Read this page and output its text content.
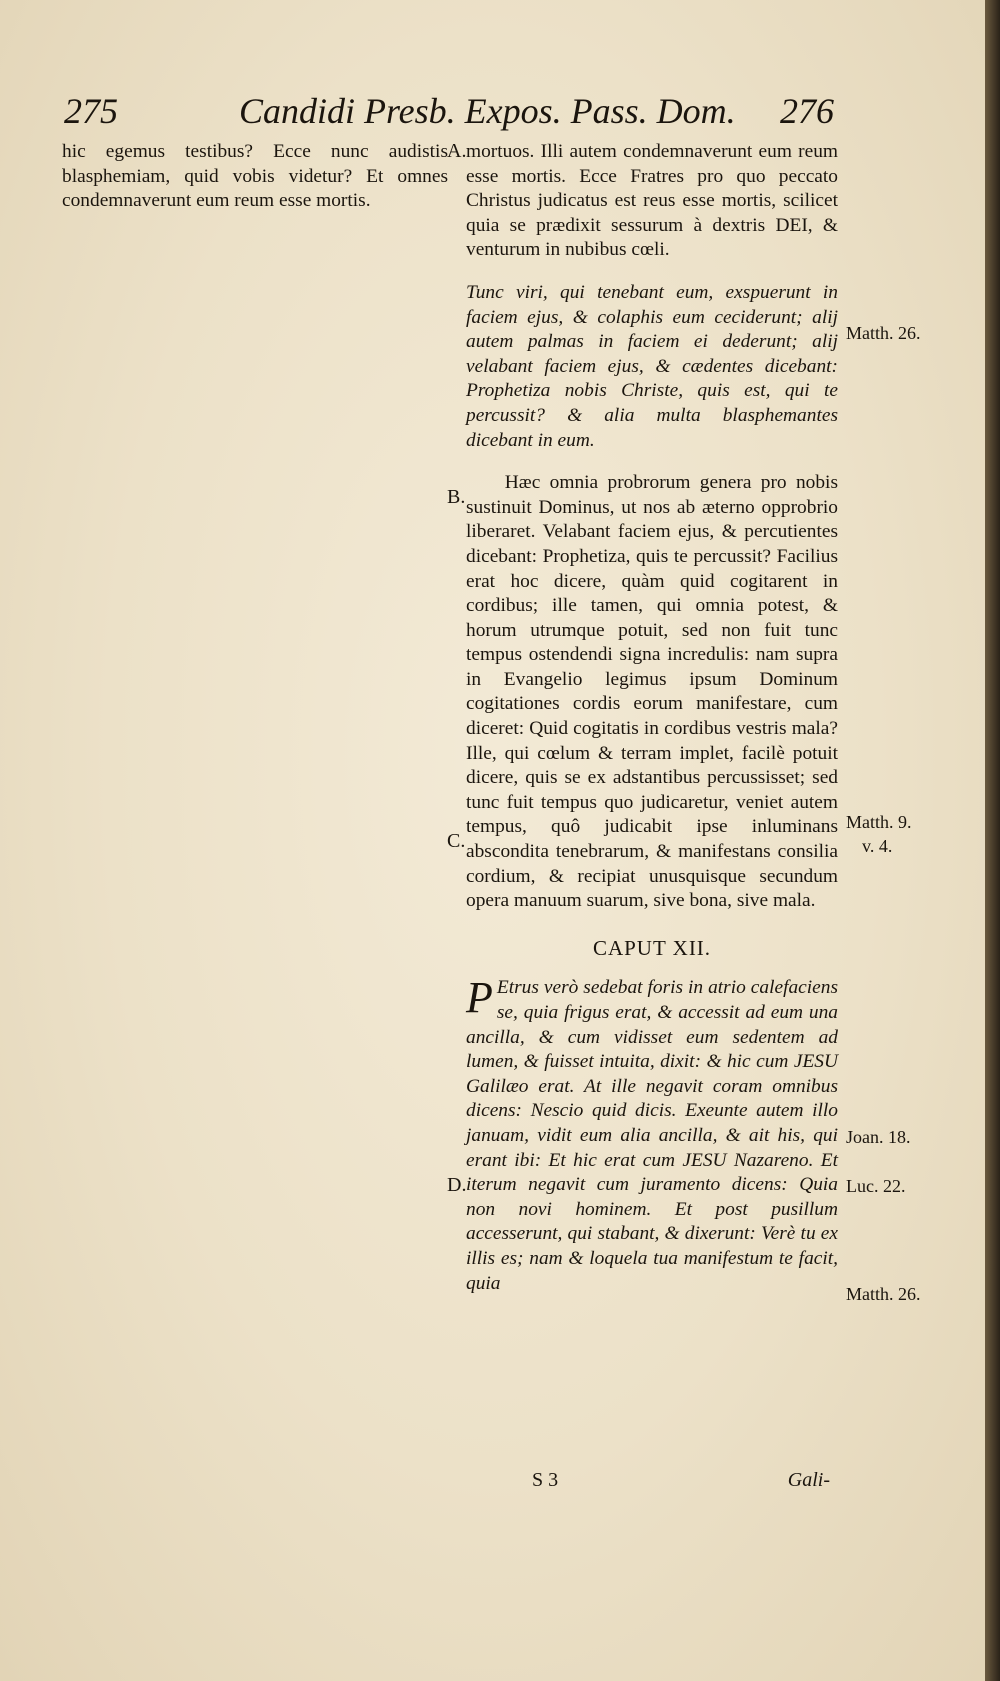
275	Candidi Presb. Expos. Pass. Dom. 276

hic egemus testibus? Ecce nunc audistis blasphemiam, quid vobis videtur? Et omnes condemnaverunt eum reum esse mortis.

mortuos. Illi autem condemnaverunt eum reum esse mortis. Ecce Fratres pro quo peccato Christus judicatus est reus esse mortis, scilicet quia se prædixit sessurum à dextris DEI, & venturum in nubibus cœli.

Tunc viri, qui tenebant eum, exspuerunt in faciem ejus, & colaphis eum ceciderunt; alij autem palmas in faciem ei dederunt; alij velabant faciem ejus, & cædentes dicebant: Prophetiza nobis Christe, quis est, qui te percussit? & alia multa blasphemantes dicebant in eum.

Hæc omnia probrorum genera pro nobis sustinuit Dominus, ut nos ab æterno opprobrio liberaret. Velabant faciem ejus, & percutientes dicebant: Prophetiza, quis te percussit? Facilius erat hoc dicere, quàm quid cogitarent in cordibus; ille tamen, qui omnia potest, & horum utrumque potuit, sed non fuit tunc tempus ostendendi signa incredulis: nam supra in Evangelio legimus ipsum Dominum cogitationes cordis eorum manifestare, cum diceret: Quid cogitatis in cordibus vestris mala? Ille, qui cœlum & terram implet, facilè potuit dicere, quis se ex adstantibus percussisset; sed tunc fuit tempus quo judicaretur, veniet autem tempus, quô judicabit ipse inluminans abscondita tenebrarum, & manifestans consilia cordium, & recipiat unusquisque secundum opera manuum suarum, sive bona, sive mala.

CAPUT XII.

P Etrus verò sedebat foris in atrio calefaciens se, quia frigus erat, & accessit ad eum una ancilla, & cum vidisset eum sedentem ad lumen, & fuisset intuita, dixit: & hic cum JESU Galilæo erat. At ille negavit coram omnibus dicens: Nescio quid dicis. Exeunte autem illo januam, vidit eum alia ancilla, & ait his, qui erant ibi: Et hic erat cum JESU Nazareno. Et iterum negavit cum juramento dicens: Quia non novi hominem. Et post pusillum accesserunt, qui stabant, & dixerunt: Verè tu ex illis es; nam & loquela tua manifestum te facit, quia

A.
B.
C.
D.
Matth. 26.
Matth. 9.
v. 4.
Joan. 18.
Luc. 22.
Matth. 26.
S 3	Gali-
